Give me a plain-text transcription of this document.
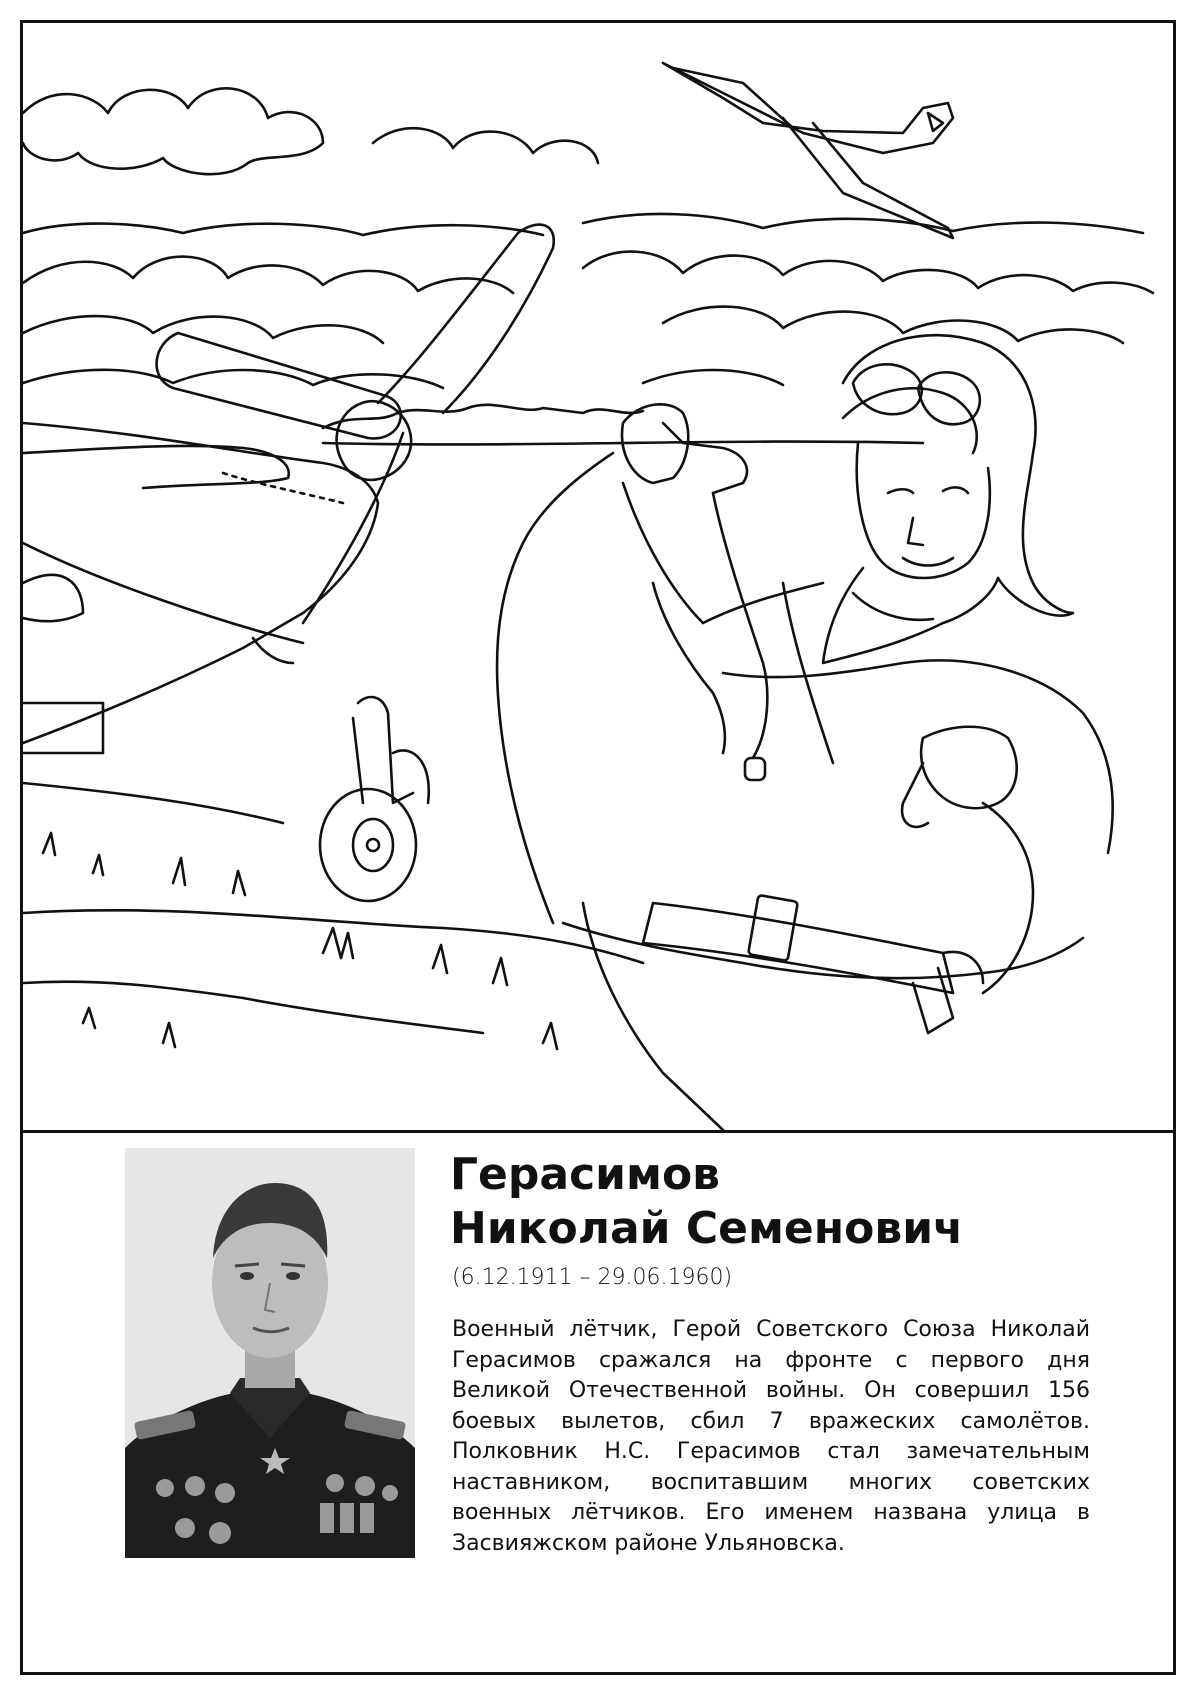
Герасимов
Николай Семенович
(6.12.1911 – 29.06.1960)
Военный лётчик, Герой Советского Союза Николай Герасимов сражался на фронте с первого дня Великой Отечественной войны. Он совершил 156 боевых вылетов, сбил 7 вражеских самолётов. Полковник Н.С. Герасимов стал замечательным наставником, воспитавшим многих советских военных лётчиков. Его именем названа улица в Засвияжском районе Ульяновска.
